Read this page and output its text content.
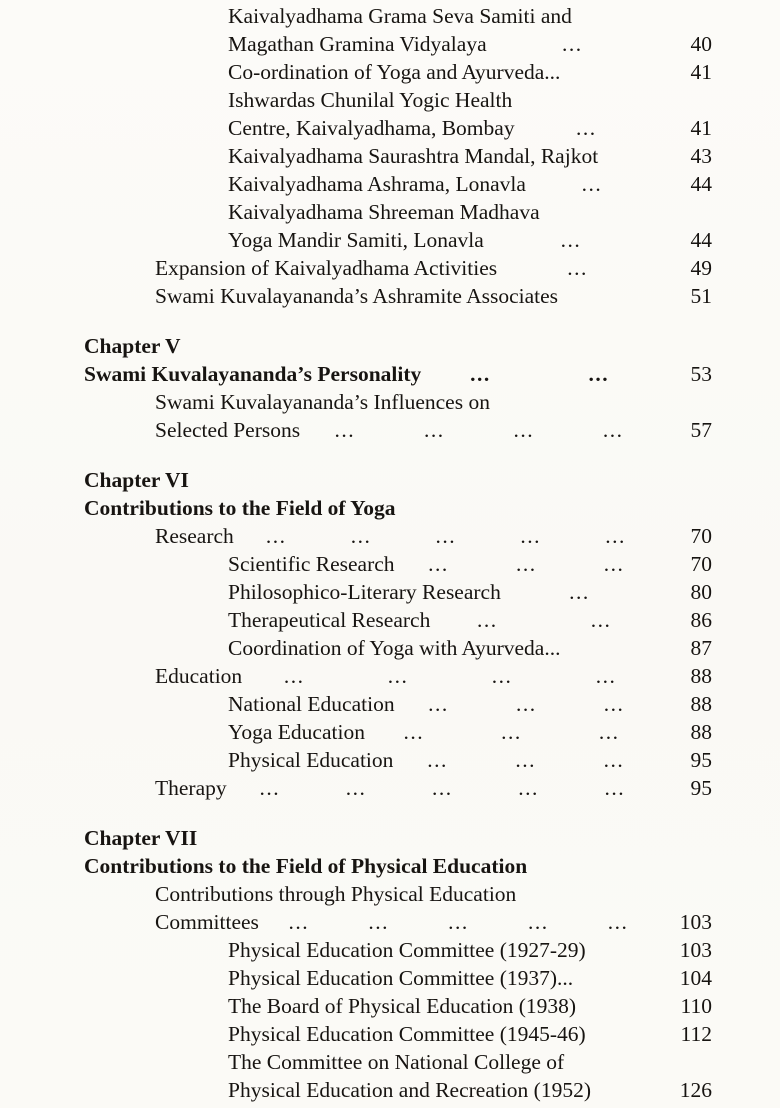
Kaivalyadhama Grama Seva Samiti and
Magathan Gramina Vidyalaya	...	40
Co-ordination of Yoga and Ayurveda...	41
Ishwardas Chunilal Yogic Health
Centre, Kaivalyadhama, Bombay	...	41
Kaivalyadhama Saurashtra Mandal, Rajkot	43
Kaivalyadhama Ashrama, Lonavla	...	44
Kaivalyadhama Shreeman Madhava
Yoga Mandir Samiti, Lonavla	...	44
Expansion of Kaivalyadhama Activities	...	49
Swami Kuvalayananda’s Ashramite Associates	51
Chapter V
Swami Kuvalayananda’s Personality ...	...	53
Swami Kuvalayananda’s Influences on
Selected Persons ...	...	...	...	57
Chapter VI
Contributions to the Field of Yoga
Research ...	...	...	...	...	70
Scientific Research ...	...	...	70
Philosophico-Literary Research	...	80
Therapeutical Research ...	...	86
Coordination of Yoga with Ayurveda...	87
Education ...	...	...	...	88
National Education ...	...	...	88
Yoga Education ...	...	...	88
Physical Education ...	...	...	95
Therapy ...	...	...	...	...	95
Chapter VII
Contributions to the Field of Physical Education
Contributions through Physical Education
Committees ...	...	...	...	...	103
Physical Education Committee (1927-29)	103
Physical Education Committee (1937)...	104
The Board of Physical Education (1938)	110
Physical Education Committee (1945-46)	112
The Committee on National College of
Physical Education and Recreation (1952)	126
